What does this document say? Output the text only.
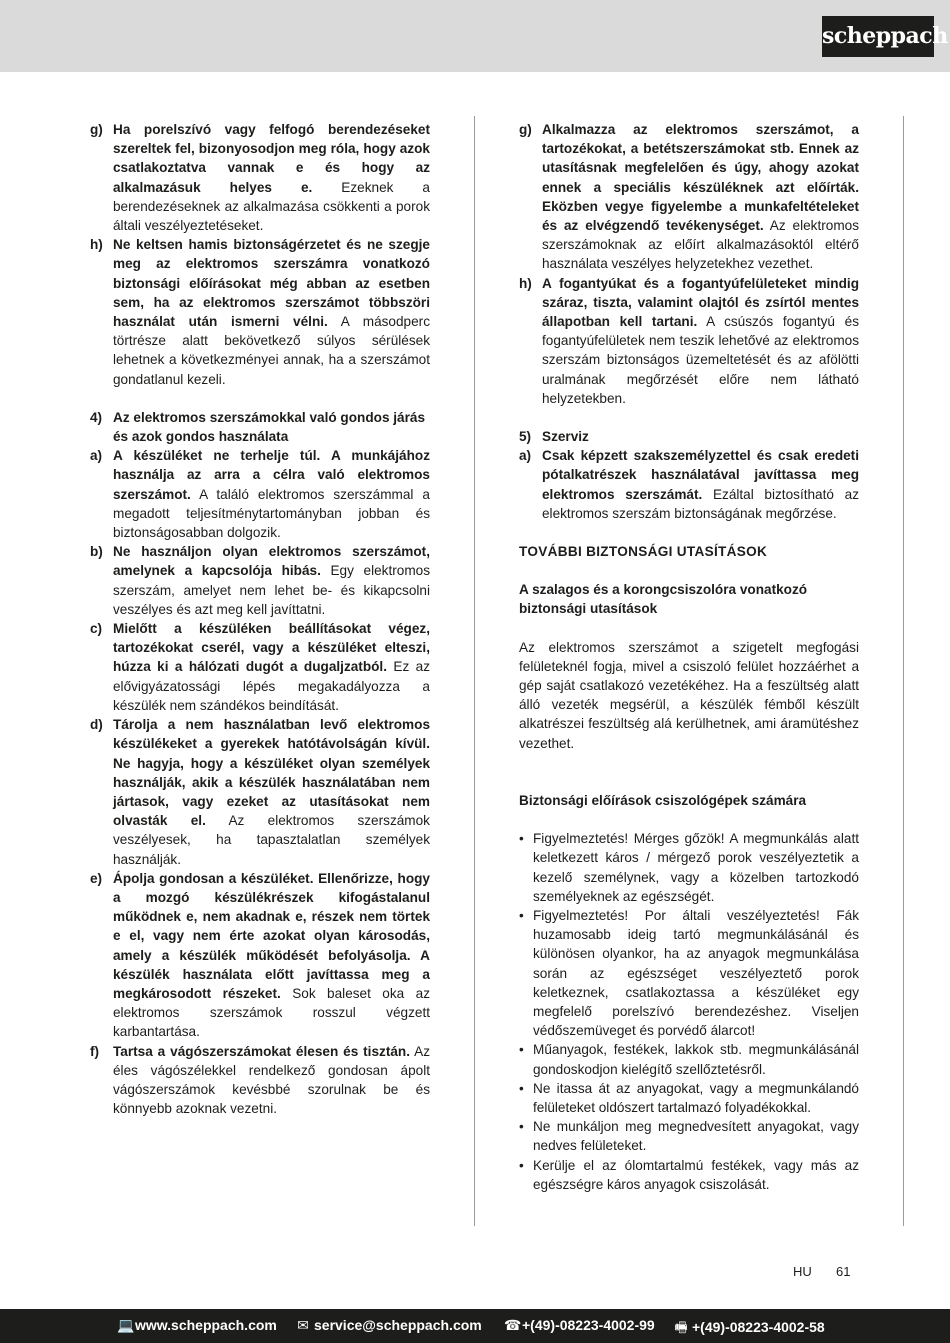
scheppach
g) Ha porelszívó vagy felfogó berendezéseket szereltek fel, bizonyosodjon meg róla, hogy azok csatlakoztatva vannak e és hogy az alkalmazásuk helyes e. Ezeknek a berendezéseknek az alkalmazása csökkenti a porok általi veszélyeztetéseket.
h) Ne keltsen hamis biztonságérzetet és ne szegje meg az elektromos szerszámra vonatkozó biztonsági előírásokat még abban az esetben sem, ha az elektromos szerszámot többszöri használat után ismerni vélni. A másodperc törtrésze alatt bekövetkező súlyos sérülések lehetnek a következményei annak, ha a szerszámot gondatlanul kezeli.
4) Az elektromos szerszámokkal való gondos járás és azok gondos használata
a) A készüléket ne terhelje túl. A munkájához használja az arra a célra való elektromos szerszámot. A találó elektromos szerszámmal a megadott teljesítménytartományban jobban és biztonságosabban dolgozik.
b) Ne használjon olyan elektromos szerszámot, amelynek a kapcsolója hibás. Egy elektromos szerszám, amelyet nem lehet be- és kikapcsolni veszélyes és azt meg kell javíttatni.
c) Mielőtt a készüléken beállításokat végez, tartozékokat cserél, vagy a készüléket elteszi, húzza ki a hálózati dugót a dugaljzatból. Ez az elővigyázatossági lépés megakadályozza a készülék nem szándékos beindítását.
d) Tárolja a nem használatban levő elektromos készülékeket a gyerekek hatótávolságán kívül. Ne hagyja, hogy a készüléket olyan személyek használják, akik a készülék használatában nem jártasok, vagy ezeket az utasításokat nem olvasták el. Az elektromos szerszámok veszélyesek, ha tapasztalatlan személyek használják.
e) Ápolja gondosan a készüléket. Ellenőrizze, hogy a mozgó készülékrészek kifogástalanul működnek e, nem akadnak e, részek nem törtek e el, vagy nem érte azokat olyan károsodás, amely a készülék működését befolyásolja. A készülék használata előtt javíttassa meg a megkárosodott részeket. Sok baleset oka az elektromos szerszámok rosszul végzett karbantartása.
f) Tartsa a vágószerszámokat élesen és tisztán. Az éles vágószélekkel rendelkező gondosan ápolt vágószerszámok kevésbbé szorulnak be és könnyebb azoknak vezetni.
g) Alkalmazza az elektromos szerszámot, a tartozékokat, a betétszerszámokat stb. Ennek az utasításnak megfelelően és úgy, ahogy azokat ennek a speciális készüléknek azt előírták. Eközben vegye figyelembe a munkafeltételeket és az elvégzendő tevékenységet. Az elektromos szerszámoknak az előírt alkalmazásoktól eltérő használata veszélyes helyzetekhez vezethet.
h) A fogantyúkat és a fogantyúfelületeket mindig száraz, tiszta, valamint olajtól és zsírtól mentes állapotban kell tartani. A csúszós fogantyú és fogantyúfelületek nem teszik lehetővé az elektromos szerszám biztonságos üzemeltetését és az afölötti uralmának megőrzését előre nem látható helyzetekben.
5) Szerviz
a) Csak képzett szakszemélyzettel és csak eredeti pótalkatrészek használatával javíttassa meg elektromos szerszámát. Ezáltal biztosítható az elektromos szerszám biztonságának megőrzése.
TOVÁBBI BIZTONSÁGI UTASÍTÁSOK
A szalagos és a korongcsiszolóra vonatkozó biztonsági utasítások
Az elektromos szerszámot a szigetelt megfogási felületeknél fogja, mivel a csiszoló felület hozzáérhet a gép saját csatlakozó vezetékéhez. Ha a feszültség alatt álló vezeték megsérül, a készülék fémből készült alkatrészei feszültség alá kerülhetnek, ami áramütéshez vezethet.
Biztonsági előírások csiszológépek számára
• Figyelmeztetés! Mérges gőzök! A megmunkálás alatt keletkezett káros / mérgező porok veszélyeztetik a kezelő személynek, vagy a közelben tartozkodó személyeknek az egészségét.
• Figyelmeztetés! Por általi veszélyeztetés! Fák huzamosabb ideig tartó megmunkálásánál és különösen olyankor, ha az anyagok megmunkálása során az egészséget veszélyeztető porok keletkeznek, csatlakoztassa a készüléket egy megfelelő porelszívó berendezéshez. Viseljen védőszemüveget és porvédő álarcot!
• Műanyagok, festékek, lakkok stb. megmunkálásánál gondoskodjon kielégítő szellőztetésről.
• Ne itassa át az anyagokat, vagy a megmunkálandó felületeket oldószert tartalmazó folyadékokkal.
• Ne munkáljon meg megnedvesített anyagokat, vagy nedves felületeket.
• Kerülje el az ólomtartalmú festékek, vagy más az egészségre káros anyagok csiszolását.
HU 61
💻www.scheppach.com ✉ service@scheppach.com ☎+(49)-08223-4002-99 🖷 +(49)-08223-4002-58
